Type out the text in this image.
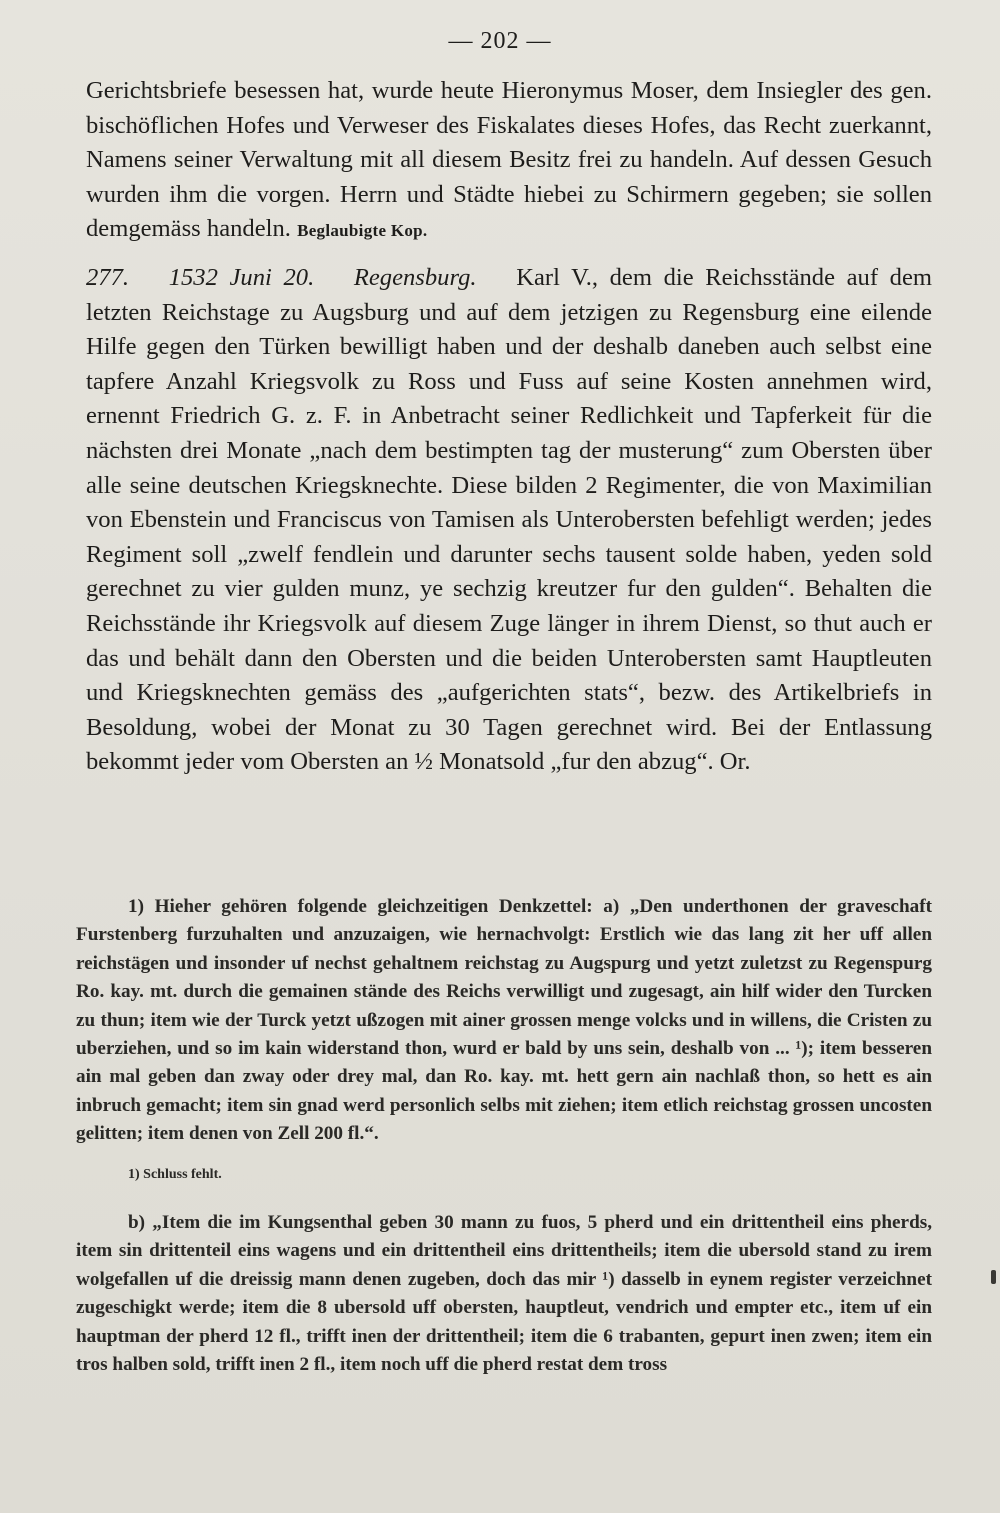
— 202 —

Gerichtsbriefe besessen hat, wurde heute Hieronymus Moser, dem Insiegler des gen. bischöflichen Hofes und Verweser des Fiskalates dieses Hofes, das Recht zuerkannt, Namens seiner Verwaltung mit all diesem Besitz frei zu handeln. Auf dessen Gesuch wurden ihm die vorgen. Herrn und Städte hiebei zu Schirmern gegeben; sie sollen demgemäss handeln. Beglaubigte Kop.

277. 1532 Juni 20. Regensburg. Karl V., dem die Reichsstände auf dem letzten Reichstage zu Augsburg und auf dem jetzigen zu Regensburg eine eilende Hilfe gegen den Türken bewilligt haben und der deshalb daneben auch selbst eine tapfere Anzahl Kriegsvolk zu Ross und Fuss auf seine Kosten annehmen wird, ernennt Friedrich G. z. F. in Anbetracht seiner Redlichkeit und Tapferkeit für die nächsten drei Monate „nach dem bestimpten tag der musterung“ zum Obersten über alle seine deutschen Kriegsknechte. Diese bilden 2 Regimenter, die von Maximilian von Ebenstein und Franciscus von Tamisen als Unterobersten befehligt werden; jedes Regiment soll „zwelf fendlein und darunter sechs tausent solde haben, yeden sold gerechnet zu vier gulden munz, ye sechzig kreutzer fur den gulden“. Behalten die Reichsstände ihr Kriegsvolk auf diesem Zuge länger in ihrem Dienst, so thut auch er das und behält dann den Obersten und die beiden Unterobersten samt Hauptleuten und Kriegsknechten gemäss des „aufgerichten stats“, bezw. des Artikelbriefs in Besoldung, wobei der Monat zu 30 Tagen gerechnet wird. Bei der Entlassung bekommt jeder vom Obersten an ½ Monatsold „fur den abzug“. Or.

1) Hieher gehören folgende gleichzeitigen Denkzettel: a) „Den underthonen der graveschaft Furstenberg furzuhalten und anzuzaigen, wie hernachvolgt: Erstlich wie das lang zit her uff allen reichstägen und insonder uf nechst gehaltnem reichstag zu Augspurg und yetzt zuletzst zu Regenspurg Ro. kay. mt. durch die gemainen stände des Reichs verwilligt und zugesagt, ain hilf wider den Turcken zu thun; item wie der Turck yetzt ußzogen mit ainer grossen menge volcks und in willens, die Cristen zu uberziehen, und so im kain widerstand thon, wurd er bald by uns sein, deshalb von ... ¹); item besseren ain mal geben dan zway oder drey mal, dan Ro. kay. mt. hett gern ain nachlaß thon, so hett es ain inbruch gemacht; item sin gnad werd personlich selbs mit ziehen; item etlich reichstag grossen uncosten gelitten; item denen von Zell 200 fl.“.

1) Schluss fehlt.

b) „Item die im Kungsenthal geben 30 mann zu fuos, 5 pherd und ein drittentheil eins pherds, item sin drittenteil eins wagens und ein drittentheil eins drittentheils; item die ubersold stand zu irem wolgefallen uf die dreissig mann denen zugeben, doch das mir ¹) dasselb in eynem register verzeichnet zugeschigkt werde; item die 8 ubersold uff obersten, hauptleut, vendrich und empter etc., item uf ein hauptman der pherd 12 fl., trifft inen der drittentheil; item die 6 trabanten, gepurt inen zwen; item ein tros halben sold, trifft inen 2 fl., item noch uff die pherd restat dem tross
